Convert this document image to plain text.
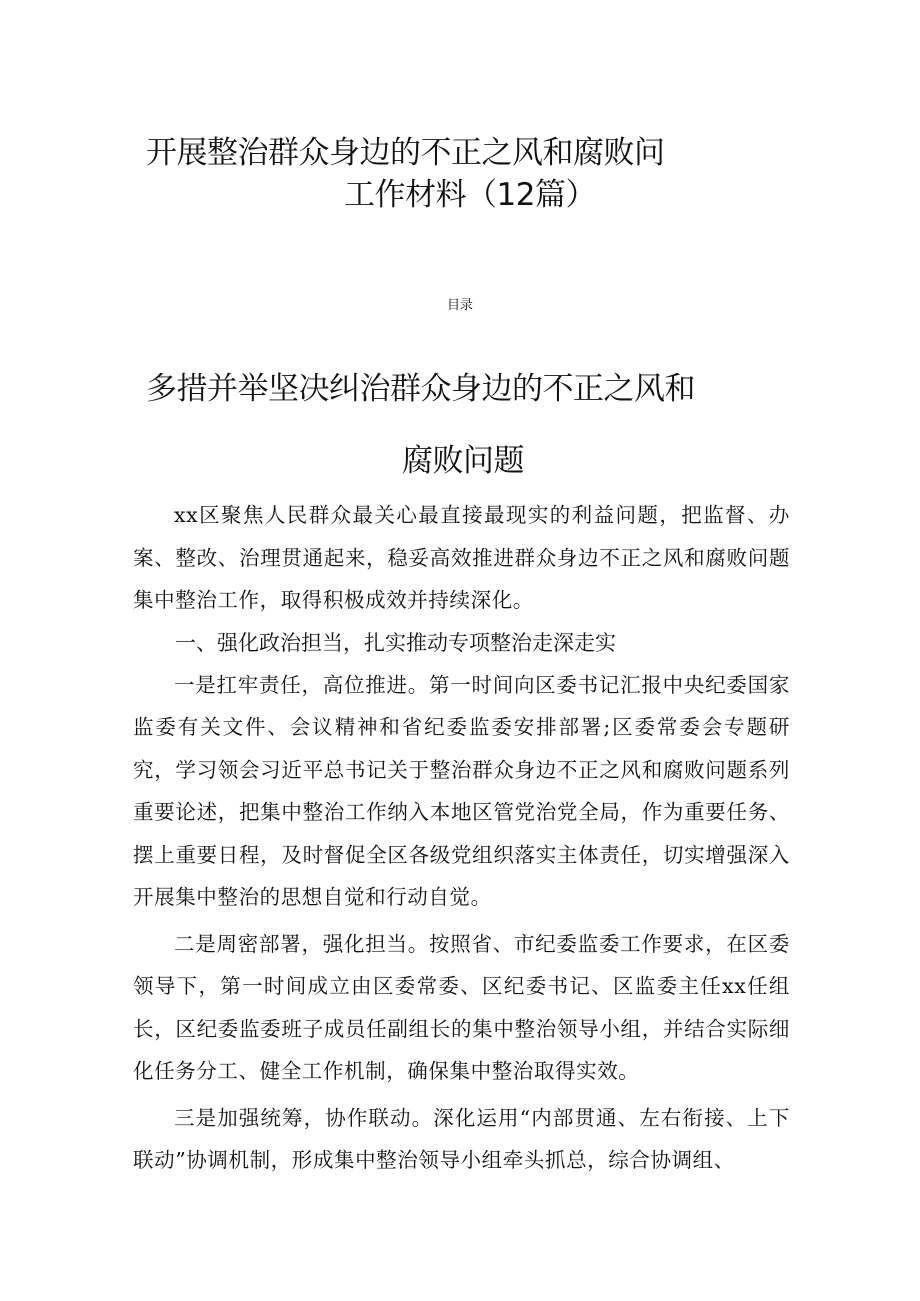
开展整治群众身边的不正之风和腐败问
工作材料（12篇）

目录

多措并举坚决纠治群众身边的不正之风和
腐败问题

xx区聚焦人民群众最关心最直接最现实的利益问题，把监督、办案、整改、治理贯通起来，稳妥高效推进群众身边不正之风和腐败问题集中整治工作，取得积极成效并持续深化。

一、强化政治担当，扎实推动专项整治走深走实

一是扛牢责任，高位推进。第一时间向区委书记汇报中央纪委国家监委有关文件、会议精神和省纪委监委安排部署;区委常委会专题研究，学习领会习近平总书记关于整治群众身边不正之风和腐败问题系列重要论述，把集中整治工作纳入本地区管党治党全局，作为重要任务、摆上重要日程，及时督促全区各级党组织落实主体责任，切实增强深入开展集中整治的思想自觉和行动自觉。

二是周密部署，强化担当。按照省、市纪委监委工作要求，在区委领导下，第一时间成立由区委常委、区纪委书记、区监委主任xx任组长，区纪委监委班子成员任副组长的集中整治领导小组，并结合实际细化任务分工、健全工作机制，确保集中整治取得实效。

三是加强统筹，协作联动。深化运用“内部贯通、左右衔接、上下联动”协调机制，形成集中整治领导小组牵头抓总，综合协调组、
